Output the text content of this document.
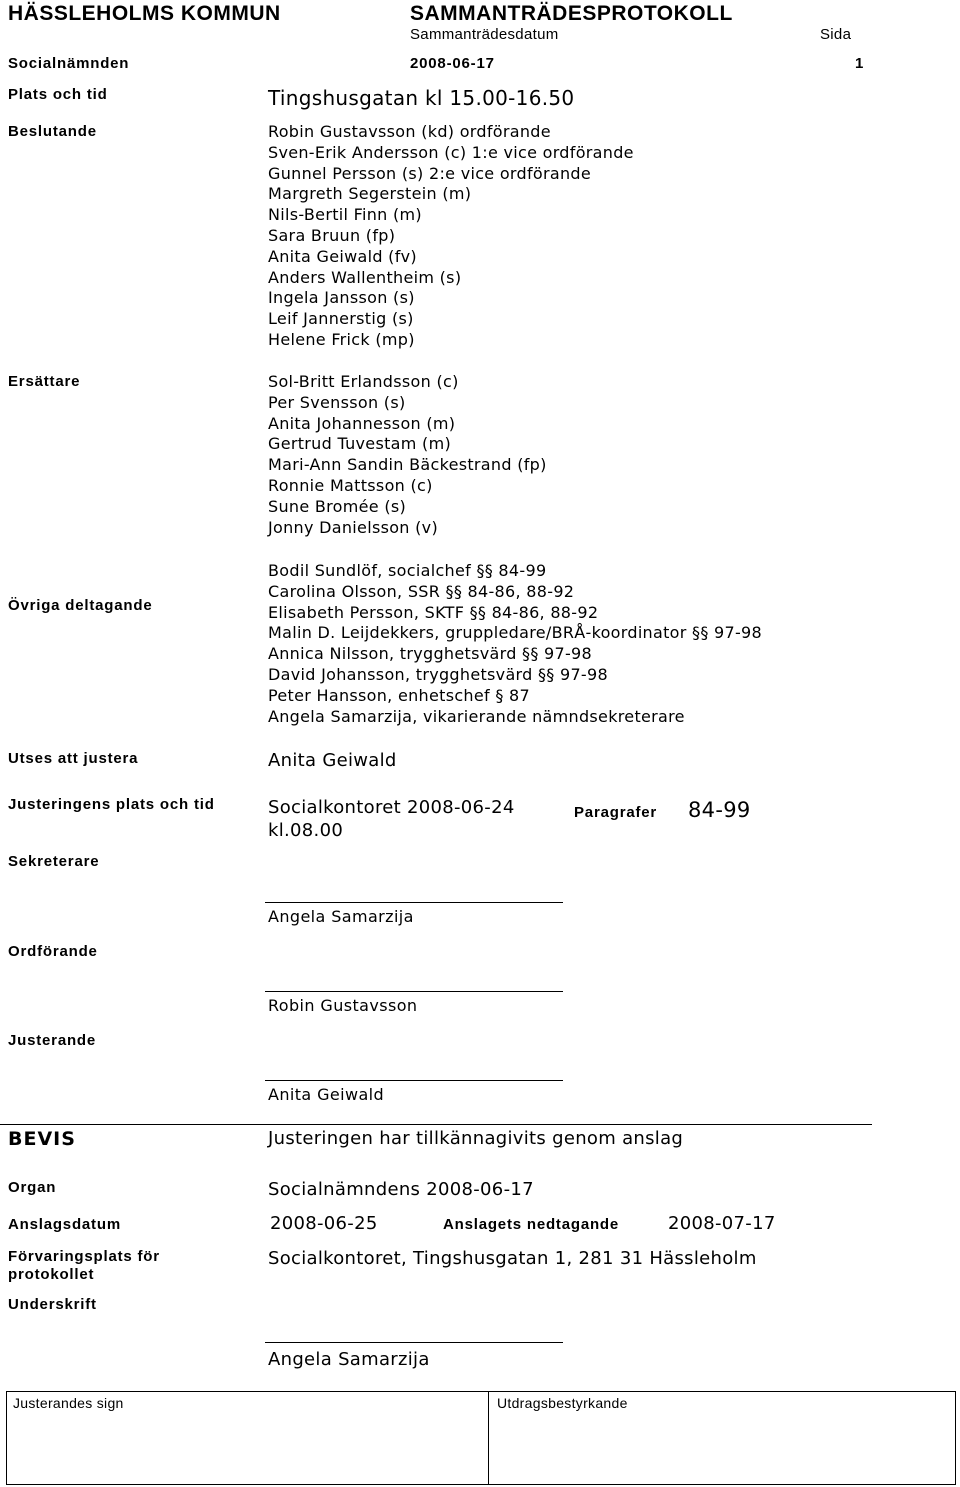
HÄSSLEHOLMS KOMMUN	SAMMANTRÄDESPROTOKOLL
Sammanträdesdatum	Sida
Socialnämnden	2008-06-17	1
Plats och tid	Tingshusgatan kl 15.00-16.50
Beslutande	Robin Gustavsson (kd) ordförande
Sven-Erik Andersson (c) 1:e vice ordförande
Gunnel Persson (s) 2:e vice ordförande
Margreth Segerstein (m)
Nils-Bertil Finn (m)
Sara Bruun (fp)
Anita Geiwald (fv)
Anders Wallentheim (s)
Ingela Jansson (s)
Leif Jannerstig (s)
Helene Frick (mp)
Ersättare	Sol-Britt Erlandsson (c)
Per Svensson (s)
Anita Johannesson (m)
Gertrud Tuvestam (m)
Mari-Ann Sandin Bäckestrand (fp)
Ronnie Mattsson (c)
Sune Bromée (s)
Jonny Danielsson (v)
Övriga deltagande
Bodil Sundlöf, socialchef §§ 84-99
Carolina Olsson, SSR §§ 84-86, 88-92
Elisabeth Persson, SKTF §§ 84-86, 88-92
Malin D. Leijdekkers, gruppledare/BRÅ-koordinator §§ 97-98
Annica Nilsson, trygghetsvärd §§ 97-98
David Johansson, trygghetsvärd §§ 97-98
Peter Hansson, enhetschef § 87
Angela Samarzija, vikarierande nämndsekreterare
Utses att justera	Anita Geiwald
Justeringens plats och tid	Socialkontoret 2008-06-24
kl.08.00
Paragrafer 84-99
Sekreterare
Angela Samarzija
Ordförande
Robin Gustavsson
Justerande
Anita Geiwald
BEVIS	Justeringen har tillkännagivits genom anslag
Organ	Socialnämndens 2008-06-17
Anslagsdatum	2008-06-25	Anslagets nedtagande	2008-07-17
Förvaringsplats för
protokollet
Socialkontoret, Tingshusgatan 1, 281 31 Hässleholm
Underskrift
Angela Samarzija
Justerandes sign	Utdragsbestyrkande
